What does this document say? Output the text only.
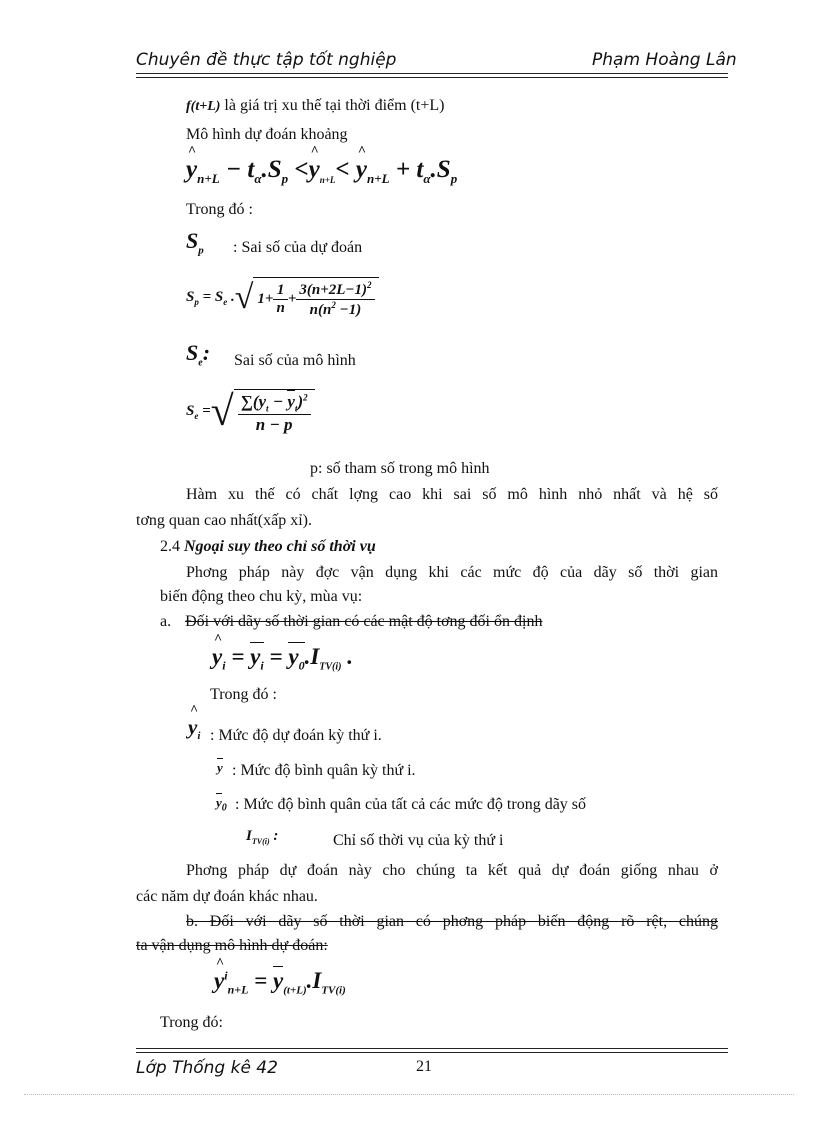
Chuyên đề thực tập tốt nghiệp	Phạm Hoàng Lân
f(t+L) là giá trị xu thế tại thời điểm (t+L)
Mô hình dự đoán khoảng
^ $y_{n+L} - t_\alpha.S_p$ <^ $y_{n+L}<$ ^ $y_{n+L} + t_\alpha.S_p$
Trong đó :
$S_p$ : Sai số của dự đoán
$S_p = S_e$ .√ $1+ \frac{1}{n} + \frac{3(n+2L-1)^2}{n(n^2 -1)}$
$S_e$: Sai số của mô hình
$S_e$ =√ $\frac{\sum(y_t - y_t)^2}{n - p}$
p: số tham số trong mô hình
Hàm xu thế có chất lợng cao khi sai số mô hình nhỏ nhất và hệ số
tơng quan cao nhất(xấp xỉ).
2.4 Ngoại suy theo chỉ số thời vụ
Phơng pháp này đợc vận dụng khi các mức độ của dãy số thời gian
biến động theo chu kỳ, mùa vụ:
a. Đối với dãy số thời gian có các mật độ tơng đối ổn định
^ $y_i = y_i = y_0.I_{TV(i)}$ .
Trong đó :
^ $y_i$ : Mức độ dự đoán kỳ thứ i.
y : Mức độ bình quân kỳ thứ i.
$y_0$ : Mức độ bình quân của tất cả các mức độ trong dãy số
$I_{TV(i)}$ :	Chỉ số thời vụ của kỳ thứ i
Phơng pháp dự đoán này cho chúng ta kết quả dự đoán giống nhau ở
các năm dự đoán khác nhau.
b. Đối với dãy số thời gian có phơng pháp biến động rõ rệt, chúng
ta vận dụng mô hình dự đoán:
^ $y^i_{n+L} = y_{(t+L)}.I_{TV(i)}$
Trong đó:
Lớp Thống kê 42	21
